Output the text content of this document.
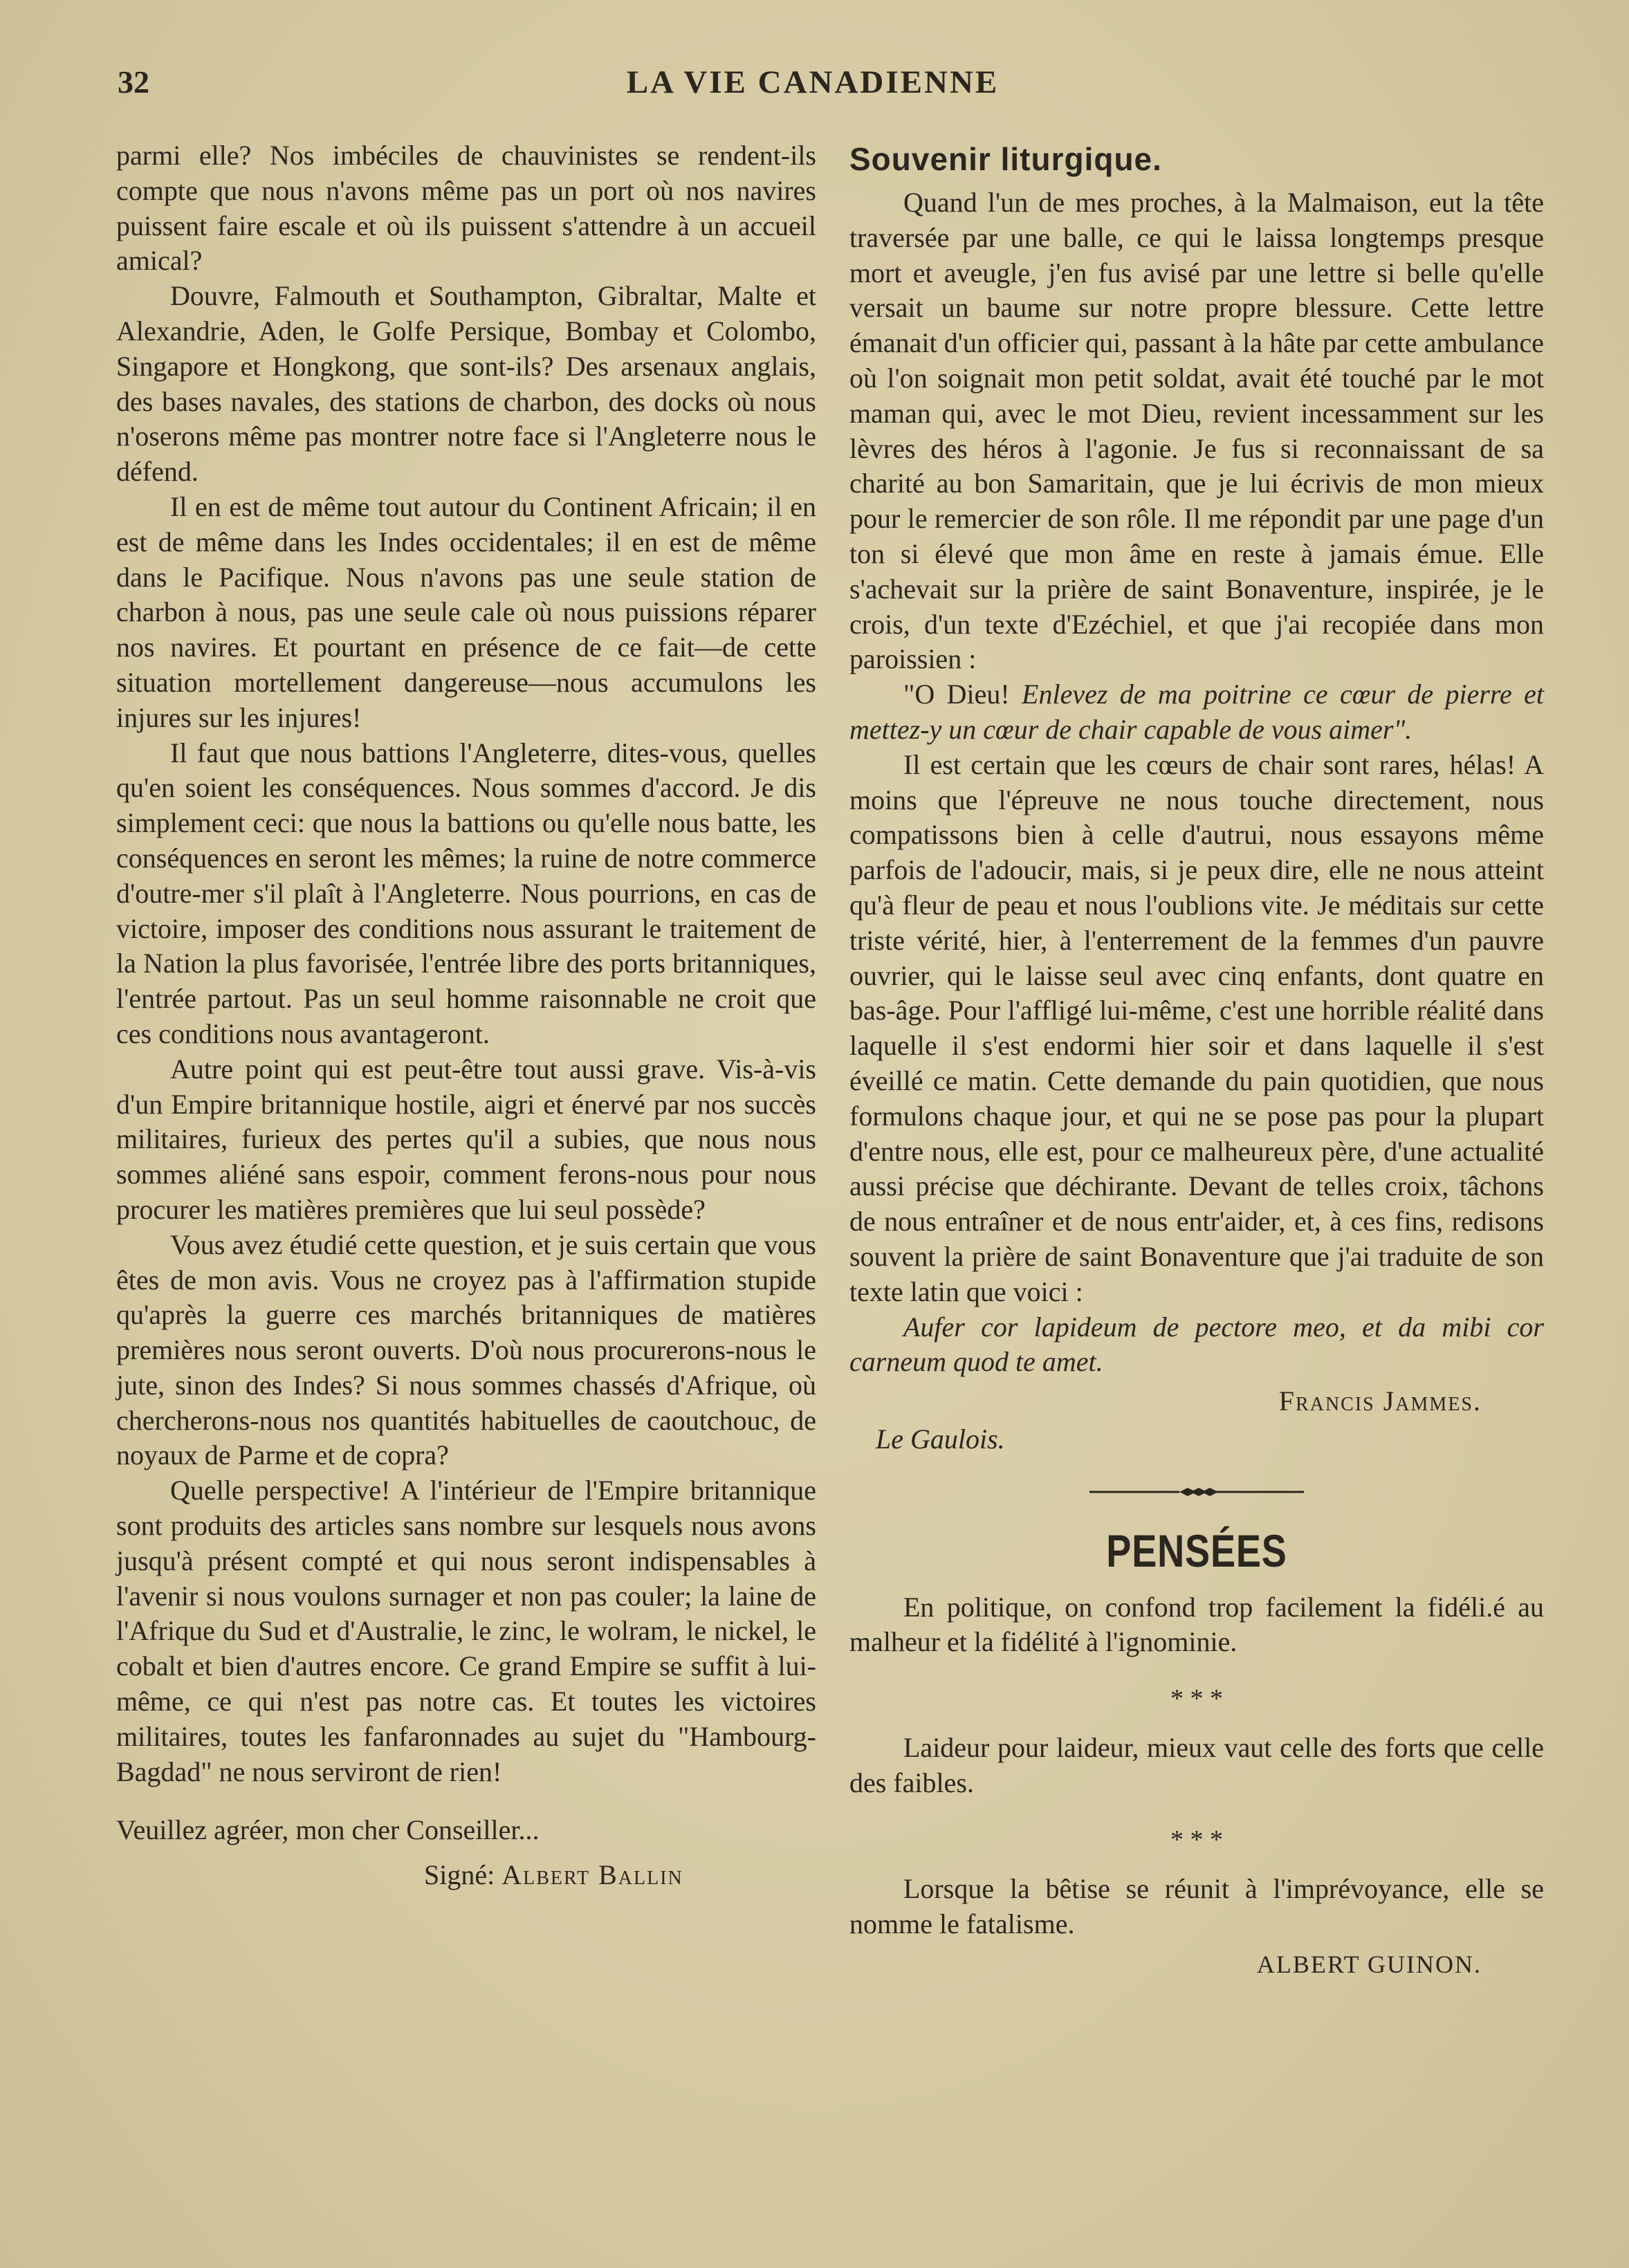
32	LA VIE CANADIENNE

parmi elle? Nos imbéciles de chauvinistes se rendent-ils compte que nous n'avons même pas un port où nos navires puissent faire escale et où ils puissent s'attendre à un accueil amical?

Douvre, Falmouth et Southampton, Gibraltar, Malte et Alexandrie, Aden, le Golfe Persique, Bombay et Colombo, Singapore et Hongkong, que sont-ils? Des arsenaux anglais, des bases navales, des stations de charbon, des docks où nous n'oserons même pas montrer notre face si l'Angleterre nous le défend.

Il en est de même tout autour du Continent Africain; il en est de même dans les Indes occidentales; il en est de même dans le Pacifique. Nous n'avons pas une seule station de charbon à nous, pas une seule cale où nous puissions réparer nos navires. Et pourtant en présence de ce fait—de cette situation mortellement dangereuse—nous accumulons les injures sur les injures!

Il faut que nous battions l'Angleterre, dites-vous, quelles qu'en soient les conséquences. Nous sommes d'accord. Je dis simplement ceci: que nous la battions ou qu'elle nous batte, les conséquences en seront les mêmes; la ruine de notre commerce d'outre-mer s'il plaît à l'Angleterre. Nous pourrions, en cas de victoire, imposer des conditions nous assurant le traitement de la Nation la plus favorisée, l'entrée libre des ports britanniques, l'entrée partout. Pas un seul homme raisonnable ne croit que ces conditions nous avantageront.

Autre point qui est peut-être tout aussi grave. Vis-à-vis d'un Empire britannique hostile, aigri et énervé par nos succès militaires, furieux des pertes qu'il a subies, que nous nous sommes aliéné sans espoir, comment ferons-nous pour nous procurer les matières premières que lui seul possède?

Vous avez étudié cette question, et je suis certain que vous êtes de mon avis. Vous ne croyez pas à l'affirmation stupide qu'après la guerre ces marchés britanniques de matières premières nous seront ouverts. D'où nous procurerons-nous le jute, sinon des Indes? Si nous sommes chassés d'Afrique, où chercherons-nous nos quantités habituelles de caoutchouc, de noyaux de Parme et de copra?

Quelle perspective! A l'intérieur de l'Empire britannique sont produits des articles sans nombre sur lesquels nous avons jusqu'à présent compté et qui nous seront indispensables à l'avenir si nous voulons surnager et non pas couler; la laine de l'Afrique du Sud et d'Australie, le zinc, le wolram, le nickel, le cobalt et bien d'autres encore. Ce grand Empire se suffit à lui-même, ce qui n'est pas notre cas. Et toutes les victoires militaires, toutes les fanfaronnades au sujet du "Hambourg-Bagdad" ne nous serviront de rien!

Veuillez agréer, mon cher Conseiller...

Signé: Albert Ballin

Souvenir liturgique.

Quand l'un de mes proches, à la Malmaison, eut la tête traversée par une balle, ce qui le laissa longtemps presque mort et aveugle, j'en fus avisé par une lettre si belle qu'elle versait un baume sur notre propre blessure. Cette lettre émanait d'un officier qui, passant à la hâte par cette ambulance où l'on soignait mon petit soldat, avait été touché par le mot maman qui, avec le mot Dieu, revient incessamment sur les lèvres des héros à l'agonie. Je fus si reconnaissant de sa charité au bon Samaritain, que je lui écrivis de mon mieux pour le remercier de son rôle. Il me répondit par une page d'un ton si élevé que mon âme en reste à jamais émue. Elle s'achevait sur la prière de saint Bonaventure, inspirée, je le crois, d'un texte d'Ezéchiel, et que j'ai recopiée dans mon paroissien :

"O Dieu! Enlevez de ma poitrine ce cœur de pierre et mettez-y un cœur de chair capable de vous aimer".

Il est certain que les cœurs de chair sont rares, hélas! A moins que l'épreuve ne nous touche directement, nous compatissons bien à celle d'autrui, nous essayons même parfois de l'adoucir, mais, si je peux dire, elle ne nous atteint qu'à fleur de peau et nous l'oublions vite. Je méditais sur cette triste vérité, hier, à l'enterrement de la femmes d'un pauvre ouvrier, qui le laisse seul avec cinq enfants, dont quatre en bas-âge. Pour l'affligé lui-même, c'est une horrible réalité dans laquelle il s'est endormi hier soir et dans laquelle il s'est éveillé ce matin. Cette demande du pain quotidien, que nous formulons chaque jour, et qui ne se pose pas pour la plupart d'entre nous, elle est, pour ce malheureux père, d'une actualité aussi précise que déchirante. Devant de telles croix, tâchons de nous entraîner et de nous entr'aider, et, à ces fins, redisons souvent la prière de saint Bonaventure que j'ai traduite de son texte latin que voici :

Aufer cor lapideum de pectore meo, et da mibi cor carneum quod te amet.

Francis Jammes.

Le Gaulois.

PENSÉES

En politique, on confond trop facilement la fidéli.é au malheur et la fidélité à l'ignominie.

* * *

Laideur pour laideur, mieux vaut celle des forts que celle des faibles.

* * *

Lorsque la bêtise se réunit à l'imprévoyance, elle se nomme le fatalisme.

ALBERT GUINON.
